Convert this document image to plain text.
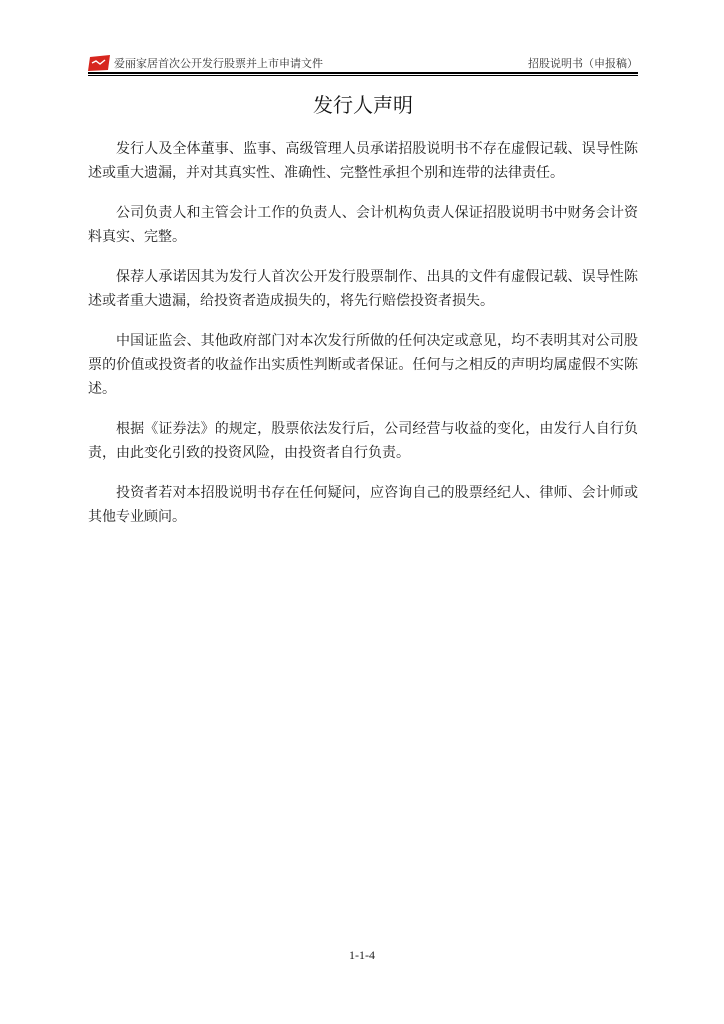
爱丽家居首次公开发行股票并上市申请文件	招股说明书（申报稿）
发行人声明

发行人及全体董事、监事、高级管理人员承诺招股说明书不存在虚假记载、误导性陈述或重大遗漏，并对其真实性、准确性、完整性承担个别和连带的法律责任。

公司负责人和主管会计工作的负责人、会计机构负责人保证招股说明书中财务会计资料真实、完整。

保荐人承诺因其为发行人首次公开发行股票制作、出具的文件有虚假记载、误导性陈述或者重大遗漏，给投资者造成损失的，将先行赔偿投资者损失。

中国证监会、其他政府部门对本次发行所做的任何决定或意见，均不表明其对公司股票的价值或投资者的收益作出实质性判断或者保证。任何与之相反的声明均属虚假不实陈述。

根据《证券法》的规定，股票依法发行后，公司经营与收益的变化，由发行人自行负责，由此变化引致的投资风险，由投资者自行负责。

投资者若对本招股说明书存在任何疑问，应咨询自己的股票经纪人、律师、会计师或其他专业顾问。

1-1-4
